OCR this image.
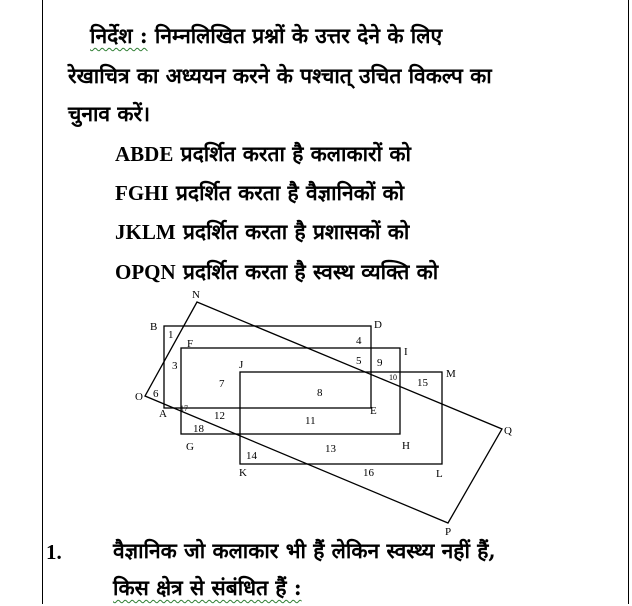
निर्देश : निम्नलिखित प्रश्नों के उत्तर देने के लिए
रेखाचित्र का अध्ययन करने के पश्चात् उचित विकल्प का
चुनाव करें।
ABDE प्रदर्शित करता है कलाकारों को
FGHI प्रदर्शित करता है वैज्ञानिकों को
JKLM प्रदर्शित करता है प्रशासकों को
OPQN प्रदर्शित करता है स्वस्थ व्यक्ति को
N
B	D
F
I
J
M
O
A	E
Q
G	H
K	L
P
1	4
3	5 9
7
10 15
8
6
17
12	11
18
13
14
16
1. वैज्ञानिक जो कलाकार भी हैं लेकिन स्वस्थ्य नहीं हैं,
किस क्षेत्र से संबंधित हैं :
